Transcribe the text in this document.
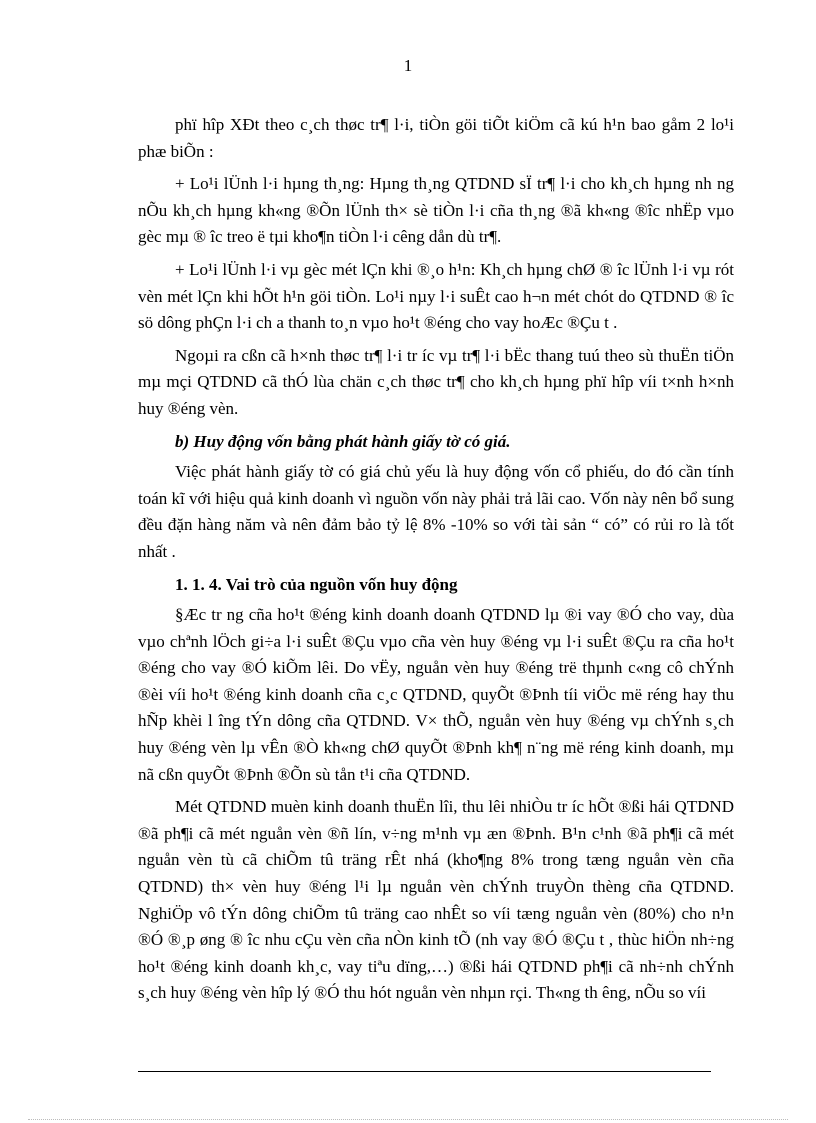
1

phï hîp XÐt theo c¸ch thøc tr¶ l·i, tiÒn göi tiÕt kiÖm cã kú h¹n bao gåm 2 lo¹i phæ biÕn :

+ Lo¹i lÜnh l·i hµng th¸ng: Hµng th¸ng QTDND sÏ tr¶ l·i cho kh¸ch hµng nh ng nÕu kh¸ch hµng kh«ng ®Õn lÜnh th× sè tiÒn l·i cña th¸ng ®ã kh«ng ®îc nhËp vµo gèc mµ ® îc treo ë tµi kho¶n tiÒn l·i cêng dån dù tr¶.

+ Lo¹i lÜnh l·i vµ gèc mét lÇn khi ®¸o h¹n: Kh¸ch hµng chØ ® îc lÜnh l·i vµ rót vèn mét lÇn khi hÕt h¹n göi tiÒn. Lo¹i nµy l·i suÊt cao h¬n mét chót do QTDND ® îc sö dông phÇn l·i ch a thanh to¸n vµo ho¹t ®éng cho vay hoÆc ®Çu t .

Ngoµi ra cßn cã h×nh thøc tr¶ l·i tr íc vµ tr¶ l·i bËc thang tuú theo sù thuËn tiÖn mµ mçi QTDND cã thÓ lùa chän c¸ch thøc tr¶ cho kh¸ch hµng phï hîp víi t×nh h×nh huy ®éng vèn.

b) Huy động vốn bằng phát hành giấy tờ có giá.

Việc phát hành giấy tờ có giá chủ yếu là huy động vốn cổ phiếu, do đó cần tính toán kĩ với hiệu quả kinh doanh vì nguồn vốn này phải trả lãi cao. Vốn này nên bổ sung đều đặn hàng năm và nên đảm bảo tỷ lệ 8% -10% so với tài sản “ có” có rủi ro là tốt nhất .

1. 1. 4. Vai trò của nguồn vốn huy động

§Æc tr ng cña ho¹t ®éng kinh doanh doanh QTDND lµ ®i vay ®Ó cho vay, dùa vµo chªnh lÖch gi÷a l·i suÊt ®Çu vµo cña vèn huy ®éng vµ l·i suÊt ®Çu ra cña ho¹t ®éng cho vay ®Ó kiÕm lêi. Do vËy, nguån vèn huy ®éng trë thµnh c«ng cô chÝnh ®èi víi ho¹t ®éng kinh doanh cña c¸c QTDND, quyÕt ®Þnh tíi viÖc më réng hay thu hÑp khèi l îng tÝn dông cña QTDND. V× thÕ, nguån vèn huy ®éng vµ chÝnh s¸ch huy ®éng vèn lµ vÊn ®Ò kh«ng chØ quyÕt ®Þnh kh¶ n¨ng më réng kinh doanh, mµ nã cßn quyÕt ®Þnh ®Õn sù tån t¹i cña QTDND.

Mét QTDND muèn kinh doanh thuËn lîi, thu lêi nhiÒu tr íc hÕt ®ßi hái QTDND ®ã ph¶i cã mét nguån vèn ®ñ lín, v÷ng m¹nh vµ æn ®Þnh. B¹n c¹nh ®ã ph¶i cã mét nguån vèn tù cã chiÕm tû träng rÊt nhá (kho¶ng 8% trong tæng nguån vèn cña QTDND) th× vèn huy ®éng l¹i lµ nguån vèn chÝnh truyÒn thèng cña QTDND. NghiÖp vô tÝn dông chiÕm tû träng cao nhÊt so víi tæng nguån vèn (80%) cho n¹n ®Ó ®¸p øng ® îc nhu cÇu vèn cña nÒn kinh tÕ (nh vay ®Ó ®Çu t , thùc hiÖn nh÷ng ho¹t ®éng kinh doanh kh¸c, vay tiªu dïng,…) ®ßi hái QTDND ph¶i cã nh÷nh chÝnh s¸ch huy ®éng vèn hîp lý ®Ó thu hót nguån vèn nhµn rçi. Th«ng th êng, nÕu so víi
